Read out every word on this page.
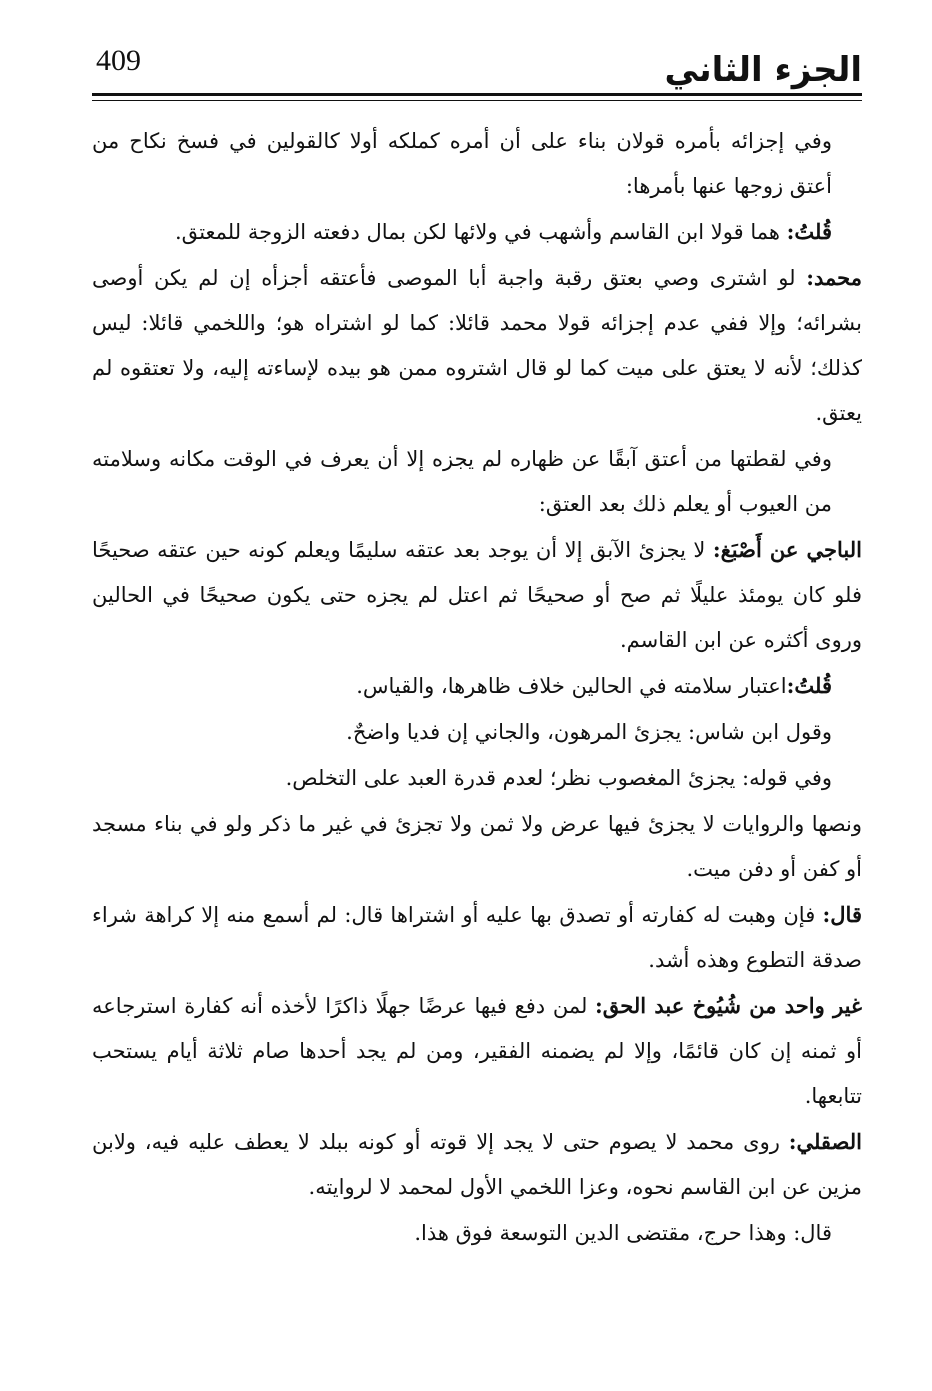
الجزء الثاني
409

وفي إجزائه بأمره قولان بناء على أن أمره كملكه أولا كالقولين في فسخ نكاح من أعتق زوجها عنها بأمرها:

قُلتُ: هما قولا ابن القاسم وأشهب في ولائها لكن بمال دفعته الزوجة للمعتق.

محمد: لو اشترى وصي بعتق رقبة واجبة أبا الموصى فأعتقه أجزأه إن لم يكن أوصى بشرائه؛ وإلا ففي عدم إجزائه قولا محمد قائلا: كما لو اشتراه هو؛ واللخمي قائلا: ليس كذلك؛ لأنه لا يعتق على ميت كما لو قال اشتروه ممن هو بيده لإساءته إليه، ولا تعتقوه لم يعتق.

وفي لقطتها من أعتق آبقًا عن ظهاره لم يجزه إلا أن يعرف في الوقت مكانه وسلامته من العيوب أو يعلم ذلك بعد العتق:

الباجي عن أَصْبَغ: لا يجزئ الآبق إلا أن يوجد بعد عتقه سليمًا ويعلم كونه حين عتقه صحيحًا فلو كان يومئذ عليلًا ثم صح أو صحيحًا ثم اعتل لم يجزه حتى يكون صحيحًا في الحالين وروى أكثره عن ابن القاسم.

قُلتُ:اعتبار سلامته في الحالين خلاف ظاهرها، والقياس.

وقول ابن شاس: يجزئ المرهون، والجاني إن فديا واضحٌ.

وفي قوله: يجزئ المغصوب نظر؛ لعدم قدرة العبد على التخلص.

ونصها والروايات لا يجزئ فيها عرض ولا ثمن ولا تجزئ في غير ما ذكر ولو في بناء مسجد أو كفن أو دفن ميت.

قال: فإن وهبت له كفارته أو تصدق بها عليه أو اشتراها قال: لم أسمع منه إلا كراهة شراء صدقة التطوع وهذه أشد.

غير واحد من شُيُوخ عبد الحق: لمن دفع فيها عرضًا جهلًا ذاكرًا لأخذه أنه كفارة استرجاعه أو ثمنه إن كان قائمًا، وإلا لم يضمنه الفقير، ومن لم يجد أحدها صام ثلاثة أيام يستحب تتابعها.

الصقلي: روى محمد لا يصوم حتى لا يجد إلا قوته أو كونه ببلد لا يعطف عليه فيه، ولابن مزين عن ابن القاسم نحوه، وعزا اللخمي الأول لمحمد لا لروايته.

قال: وهذا حرج، مقتضى الدين التوسعة فوق هذا.
